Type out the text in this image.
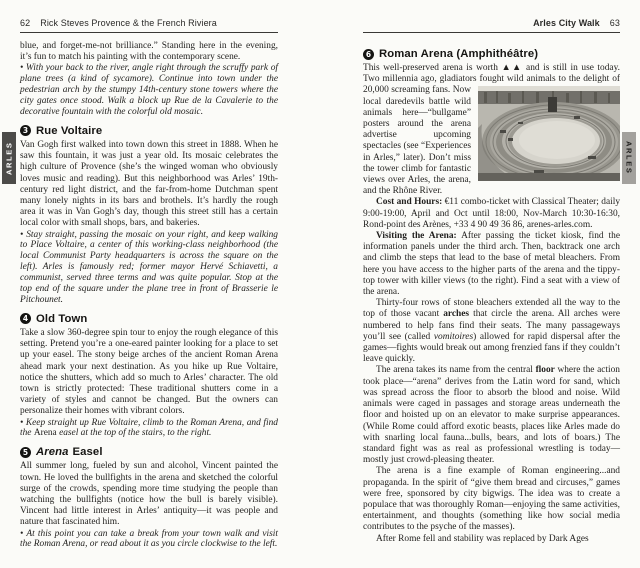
ARLES	ARLES
62 Rick Steves Provence & the French Riviera

blue, and forget-me-not brilliance.” Standing here in the evening, it’s fun to match his painting with the contemporary scene.

• With your back to the river, angle right through the scruffy park of plane trees (a kind of sycamore). Continue into town under the pedestrian arch by the stumpy 14th-century stone towers where the city gates once stood. Walk a block up Rue de la Cavalerie to the decorative fountain with the colorful old mosaic.

3 Rue Voltaire

Van Gogh first walked into town down this street in 1888. When he saw this fountain, it was just a year old. Its mosaic celebrates the high culture of Provence (she’s the winged woman who obviously loves music and reading). But this neighborhood was Arles’ 19th-century red light district, and the far-from-home Dutchman spent many lonely nights in its bars and brothels. It’s hardly the rough area it was in Van Gogh’s day, though this street still has a certain local color with small shops, bars, and bakeries.

• Stay straight, passing the mosaic on your right, and keep walking to Place Voltaire, a center of this working-class neighborhood (the local Communist Party headquarters is across the square on the left). Arles is famously red; former mayor Hervé Schiavetti, a communist, served three terms and was quite popular. Stop at the top end of the square under the plane tree in front of Brasserie le Pitchounet.

4 Old Town

Take a slow 360-degree spin tour to enjoy the rough elegance of this setting. Pretend you’re a one-eared painter looking for a place to set up your easel. The stony beige arches of the ancient Roman Arena ahead mark your next destination. As you hike up Rue Voltaire, notice the shutters, which add so much to Arles’ character. The old town is strictly protected: These traditional shutters come in a variety of styles and cannot be changed. But the owners can personalize their homes with vibrant colors.

• Keep straight up Rue Voltaire, climb to the Roman Arena, and find the Arena easel at the top of the stairs, to the right.

5 Arena Easel

All summer long, fueled by sun and alcohol, Vincent painted the town. He loved the bullfights in the arena and sketched the colorful surge of the crowds, spending more time studying the people than watching the bullfights (notice how the bull is barely visible). Vincent had little interest in Arles’ antiquity—it was people and nature that fascinated him.

• At this point you can take a break from your town walk and visit the Roman Arena, or read about it as you circle clockwise to the left.

Arles City Walk 63
6 Roman Arena (Amphithéâtre)

This well-preserved arena is worth ▲▲ and is still in use today. Two millennia ago, gladiators fought wild animals to the delight of 20,000 screaming fans. Now local daredevils battle wild animals here—“bullgame” posters around the arena advertise upcoming spectacles (see “Experiences in Arles,” later). Don’t miss the tower climb for fantastic views over Arles, the arena, and the Rhône River.

Cost and Hours: €11 combo-ticket with Classical Theater; daily 9:00-19:00, April and Oct until 18:00, Nov-March 10:30-16:30, Rond-point des Arènes, +33 4 90 49 36 86, arenes-arles.com.

Visiting the Arena: After passing the ticket kiosk, find the information panels under the third arch. Then, backtrack one arch and climb the steps that lead to the base of metal bleachers. From here you have access to the higher parts of the arena and the tippy-top tower with killer views (to the right). Find a seat with a view of the arena.

Thirty-four rows of stone bleachers extended all the way to the top of those vacant arches that circle the arena. All arches were numbered to help fans find their seats. The many passageways you’ll see (called vomitoires) allowed for rapid dispersal after the games—fights would break out among frenzied fans if they couldn’t leave quickly.

The arena takes its name from the central floor where the action took place—“arena” derives from the Latin word for sand, which was spread across the floor to absorb the blood and noise. Wild animals were caged in passages and storage areas underneath the floor and hoisted up on an elevator to make surprise appearances. (While Rome could afford exotic beasts, places like Arles made do with snarling local fauna...bulls, bears, and lots of boars.) The standard fight was as real as professional wrestling is today—mostly just crowd-pleasing theater.

The arena is a fine example of Roman engineering...and propaganda. In the spirit of “give them bread and circuses,” games were free, sponsored by city bigwigs. The idea was to create a populace that was thoroughly Roman—enjoying the same activities, entertainment, and thoughts (something like how social media contributes to the psyche of the masses).

After Rome fell and stability was replaced by Dark Ages
